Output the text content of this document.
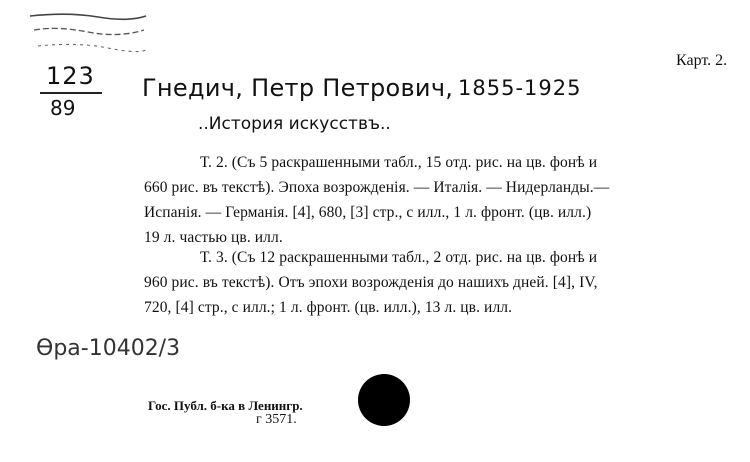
Карт. 2.
123
89
Гнедич, Петр Петрович, 1855-1925
..История искусствъ..
Т. 2. (Съ 5 раскрашенными табл., 15 отд. рис. на цв. фонѣ и
660 рис. въ текстѣ). Эпоха возрожденія. — Италія. — Нидерланды.—
Испанія. — Германія. [4], 680, [3] стр., с илл., 1 л. фронт. (цв. илл.)
19 л. частью цв. илл.
Т. 3. (Съ 12 раскрашенными табл., 2 отд. рис. на цв. фонѣ и
960 рис. въ текстѣ). Отъ эпохи возрожденія до нашихъ дней. [4], IV,
720, [4] стр., с илл.; 1 л. фронт. (цв. илл.), 13 л. цв. илл.
Ѳра-10402/3
Гос. Публ. б-ка в Ленингр.
г 3571.
